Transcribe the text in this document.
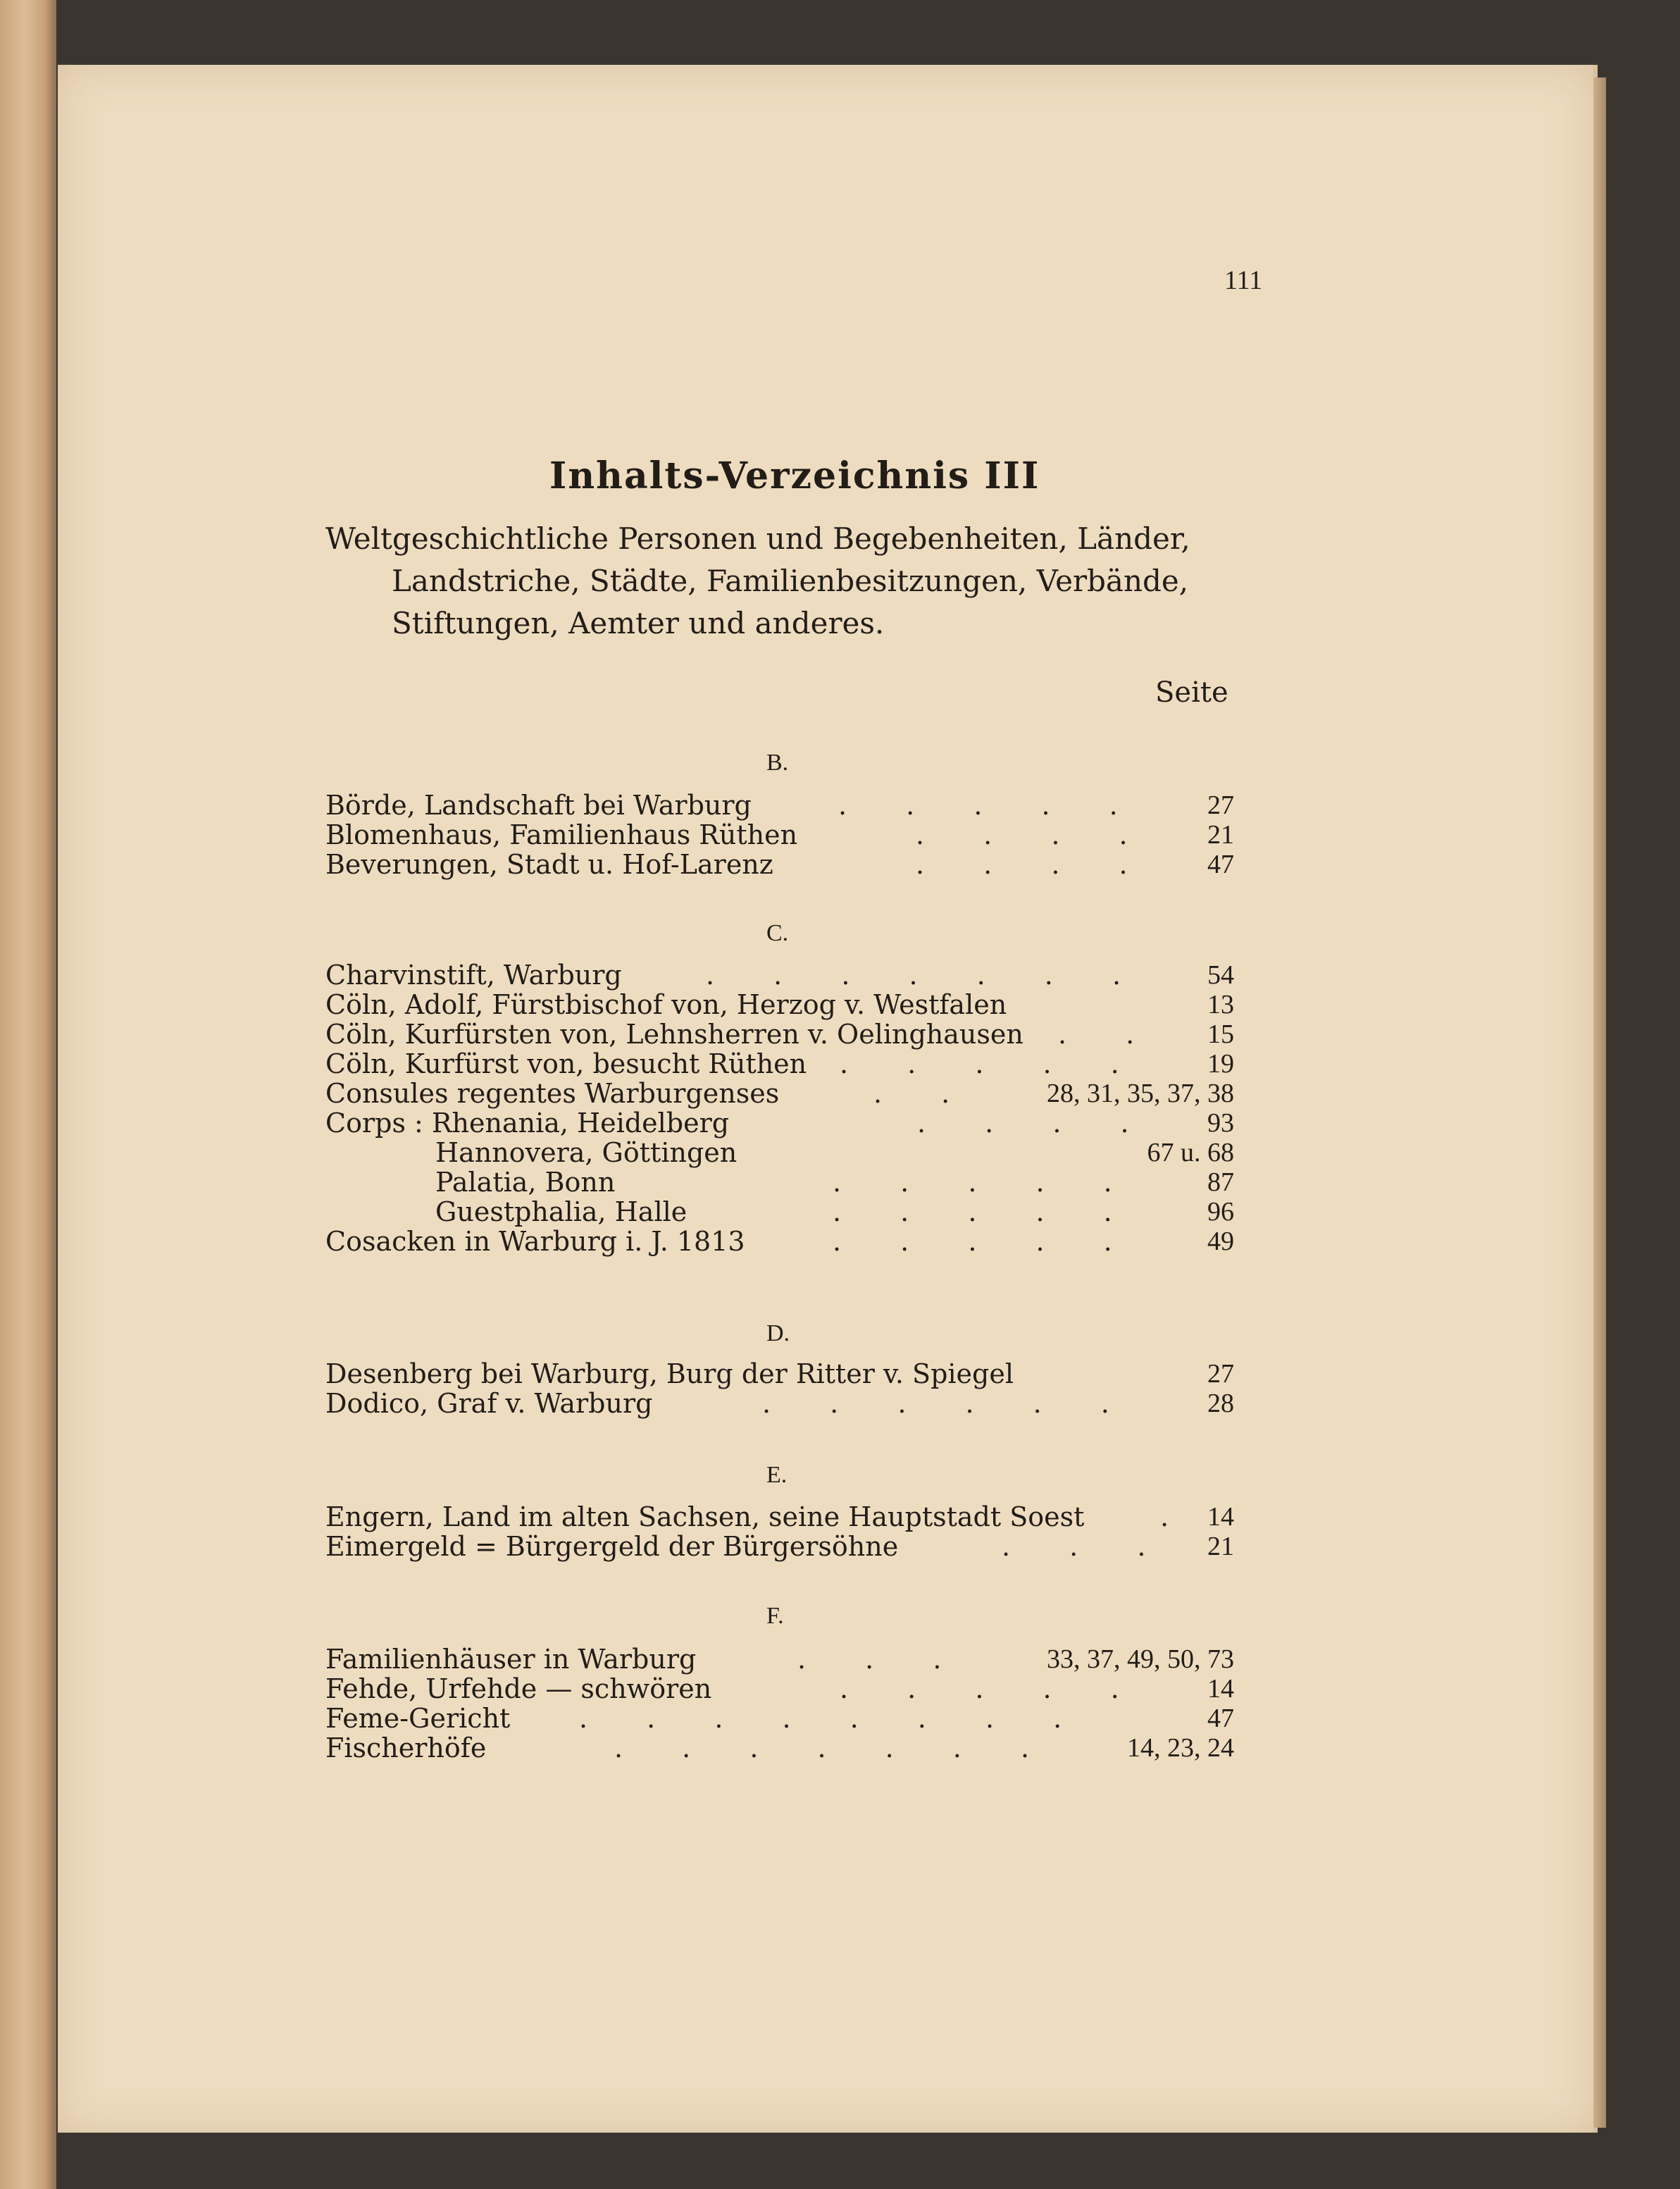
111
Inhalts-Verzeichnis III
Weltgeschichtliche Personen und Begebenheiten, Länder,
Landstriche, Städte, Familienbesitzungen, Verbände,
Stiftungen, Aemter und anderes.
Seite
B.
Börde, Landschaft bei Warburg	. . . . . 27
Blomenhaus, Familienhaus Rüthen	. . . . 21
Beverungen, Stadt u. Hof-Larenz	. . . . 47
C.
Charvinstift, Warburg	. . . . . . . 54
Cöln, Adolf, Fürstbischof von, Herzog v. Westfalen	13
Cöln, Kurfürsten von, Lehnsherren v. Oelinghausen . . 15
Cöln, Kurfürst von, besucht Rüthen . . . . . 19
Consules regentes Warburgenses	. .	28, 31, 35, 37, 38
Corps : Rhenania, Heidelberg	. . . . 93
Hannovera, Göttingen	67 u. 68
Palatia, Bonn	. . . . .	87
Guestphalia, Halle	. . . . .	96
Cosacken in Warburg i. J. 1813	. . . . .	49
D.
Desenberg bei Warburg, Burg der Ritter v. Spiegel	27
Dodico, Graf v. Warburg	. . . . . .	28
E.
Engern, Land im alten Sachsen, seine Hauptstadt Soest	. 14
Eimergeld = Bürgergeld der Bürgersöhne	. . . 21
F.
Familienhäuser in Warburg	. . .	33, 37, 49, 50, 73
Fehde, Urfehde — schwören	. . . . . 14
Feme-Gericht	. . . . . . . .	47
Fischerhöfe	. . . . . . .	14, 23, 24
